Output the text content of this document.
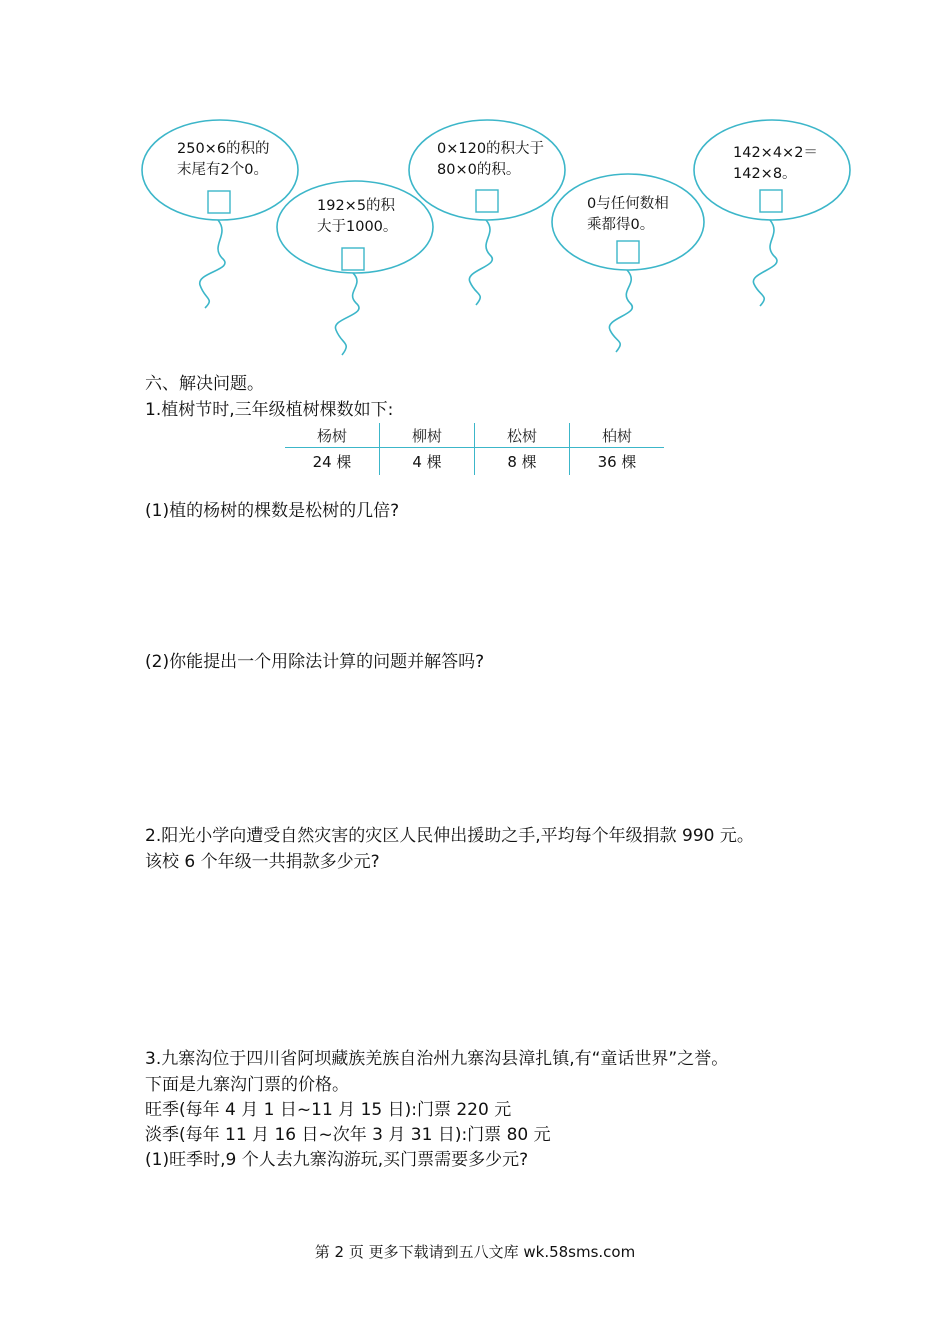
250×6的积的
末尾有2个0。
192×5的积
大于1000。
0×120的积大于
80×0的积。
0与任何数相
乘都得0。
142×4×2＝
142×8。
六、解决问题。
1.植树节时,三年级植树棵数如下:
杨树	柳树	松树	柏树
24 棵	4 棵	8 棵	36 棵
(1)植的杨树的棵数是松树的几倍?
(2)你能提出一个用除法计算的问题并解答吗?
2.阳光小学向遭受自然灾害的灾区人民伸出援助之手,平均每个年级捐款 990 元。
该校 6 个年级一共捐款多少元?
3.九寨沟位于四川省阿坝藏族羌族自治州九寨沟县漳扎镇,有“童话世界”之誉。
下面是九寨沟门票的价格。
旺季(每年 4 月 1 日~11 月 15 日):门票 220 元
淡季(每年 11 月 16 日~次年 3 月 31 日):门票 80 元
(1)旺季时,9 个人去九寨沟游玩,买门票需要多少元?
第 2 页 更多下载请到五八文库 wk.58sms.com
